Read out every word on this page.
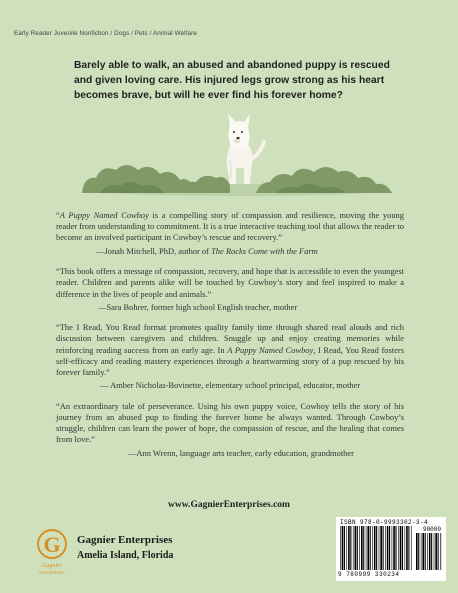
Early Reader Juvenile Nonfiction / Dogs / Pets / Animal Welfare
Barely able to walk, an abused and abandoned puppy is rescued and given loving care. His injured legs grow strong as his heart becomes brave, but will he ever find his forever home?

“A Puppy Named Cowboy is a compelling story of compassion and resilience, moving the young reader from understanding to commitment. It is a true interactive teaching tool that allows the reader to become an involved participant in Cowboy’s rescue and recovery.”

—Jonah Mitchell, PhD, author of The Rocks Come with the Farm

“This book offers a message of compassion, recovery, and hope that is accessible to even the youngest reader. Children and parents alike will be touched by Cowboy’s story and feel inspired to make a difference in the lives of people and animals.”

—Sara Bohrer, former high school English teacher, mother

“The I Read, You Read format promotes quality family time through shared read alouds and rich discussion between caregivers and children. Snuggle up and enjoy creating memories while reinforcing reading success from an early age. In A Puppy Named Cowboy, I Read, You Read fosters self-efficacy and reading mastery experiences through a heartwarming story of a pup rescued by his forever family.”

— Amber Nicholas-Bovinette, elementary school principal, educator, mother

“An extraordinary tale of perseverance. Using his own puppy voice, Cowboy tells the story of his journey from an abused pup to finding the forever home he always wanted. Through Cowboy’s struggle, children can learn the power of hope, the compassion of rescue, and the healing that comes from love.”

—Ann Wrenn, language arts teacher, early education, grandmother

www.GagnierEnterprises.com
G
Gagnier
ENTERPRISES
Gagnier Enterprises
Amelia Island, Florida
ISBN 978-0-9993302-3-4
90000
9 780999 330234
